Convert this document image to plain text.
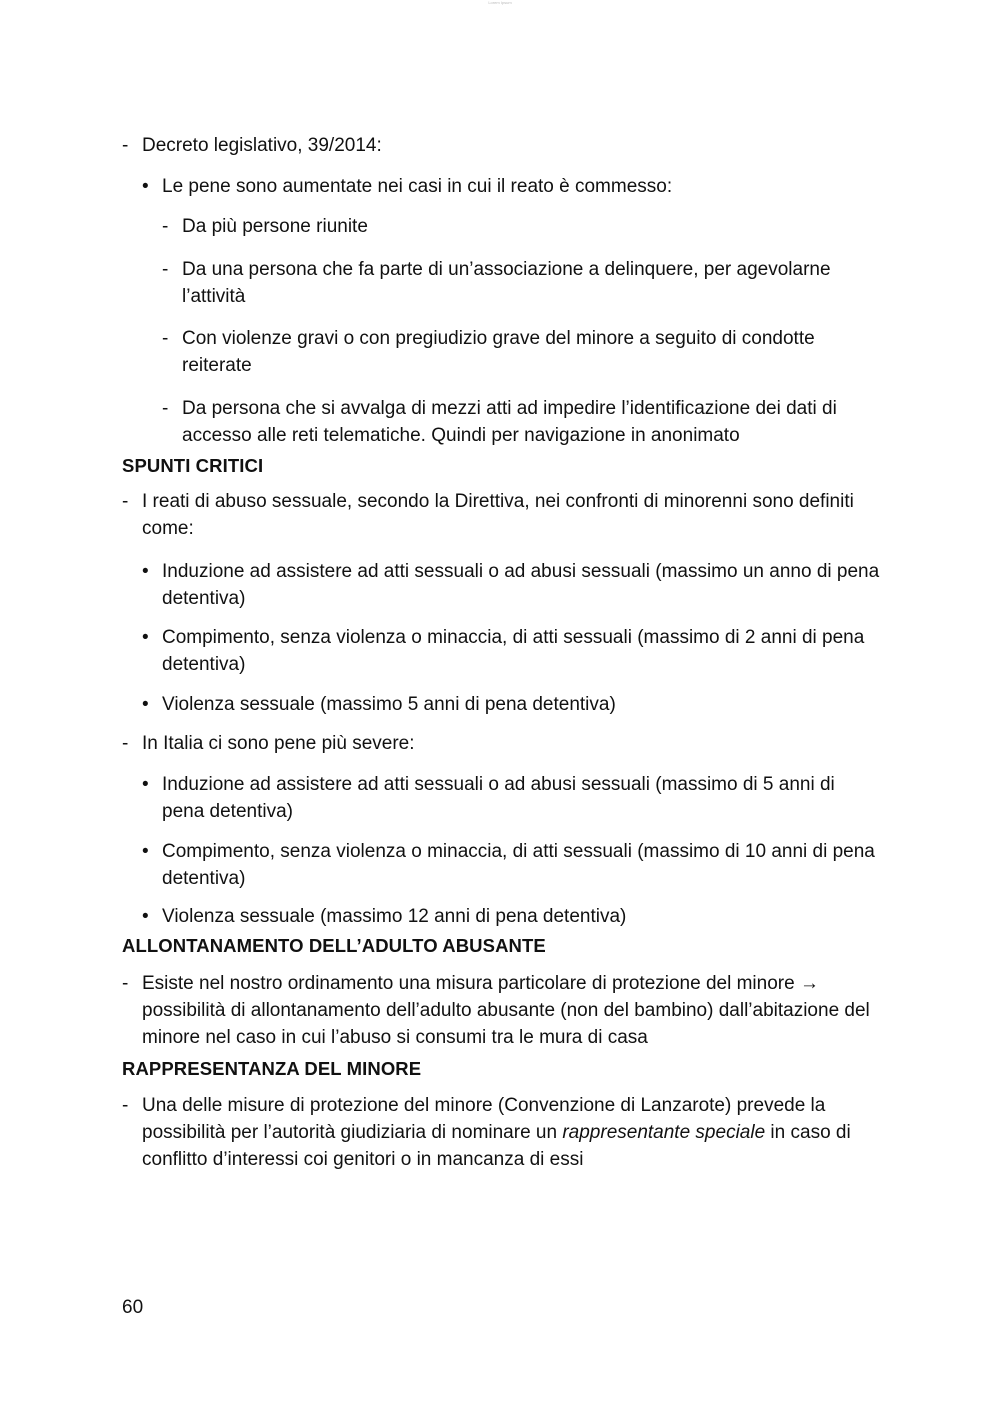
Lorem Ipsum
- Decreto legislativo, 39/2014:
• Le pene sono aumentate nei casi in cui il reato è commesso:
- Da più persone riunite
- Da una persona che fa parte di un’associazione a delinquere, per agevolarne l’attività
- Con violenze gravi o con pregiudizio grave del minore a seguito di condotte reiterate
- Da persona che si avvalga di mezzi atti ad impedire l’identificazione dei dati di accesso alle reti telematiche. Quindi per navigazione in anonimato
SPUNTI CRITICI
- I reati di abuso sessuale, secondo la Direttiva, nei confronti di minorenni sono definiti come:
• Induzione ad assistere ad atti sessuali o ad abusi sessuali (massimo un anno di pena detentiva)
• Compimento, senza violenza o minaccia, di atti sessuali (massimo di 2 anni di pena detentiva)
• Violenza sessuale (massimo 5 anni di pena detentiva)
- In Italia ci sono pene più severe:
• Induzione ad assistere ad atti sessuali o ad abusi sessuali (massimo di 5 anni di pena detentiva)
• Compimento, senza violenza o minaccia, di atti sessuali (massimo di 10 anni di pena detentiva)
• Violenza sessuale (massimo 12 anni di pena detentiva)
ALLONTANAMENTO DELL’ADULTO ABUSANTE
- Esiste nel nostro ordinamento una misura particolare di protezione del minore → possibilità di allontanamento dell’adulto abusante (non del bambino) dall’abitazione del minore nel caso in cui l’abuso si consumi tra le mura di casa
RAPPRESENTANZA DEL MINORE
- Una delle misure di protezione del minore (Convenzione di Lanzarote) prevede la possibilità per l’autorità giudiziaria di nominare un rappresentante speciale in caso di conflitto d’interessi coi genitori o in mancanza di essi
60
